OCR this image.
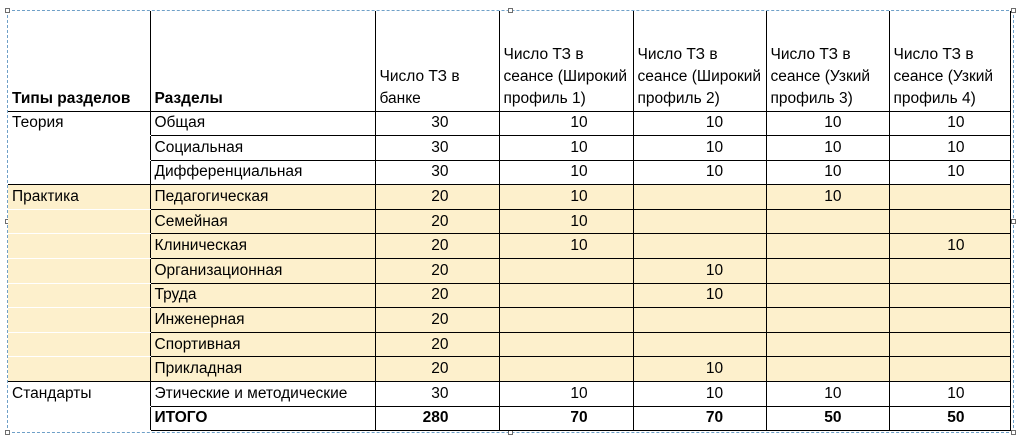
Типы разделов	Разделы	Число ТЗ в банке	Число ТЗ в сеансе (Широкий профиль 1)	Число ТЗ в сеансе (Широкий профиль 2)	Число ТЗ в сеансе (Узкий профиль 3)	Число ТЗ в сеансе (Узкий профиль 4)
Теория	Общая	30	10	10	10	10
	Социальная	30	10	10	10	10
	Дифференциальная	30	10	10	10	10
Практика	Педагогическая	20	10		10	
	Семейная	20	10			
	Клиническая	20	10			10
	Организационная	20		10		
	Труда	20		10		
	Инженерная	20				
	Спортивная	20				
	Прикладная	20		10		
Стандарты	Этические и методические	30	10	10	10	10
	ИТОГО	280	70	70	50	50
